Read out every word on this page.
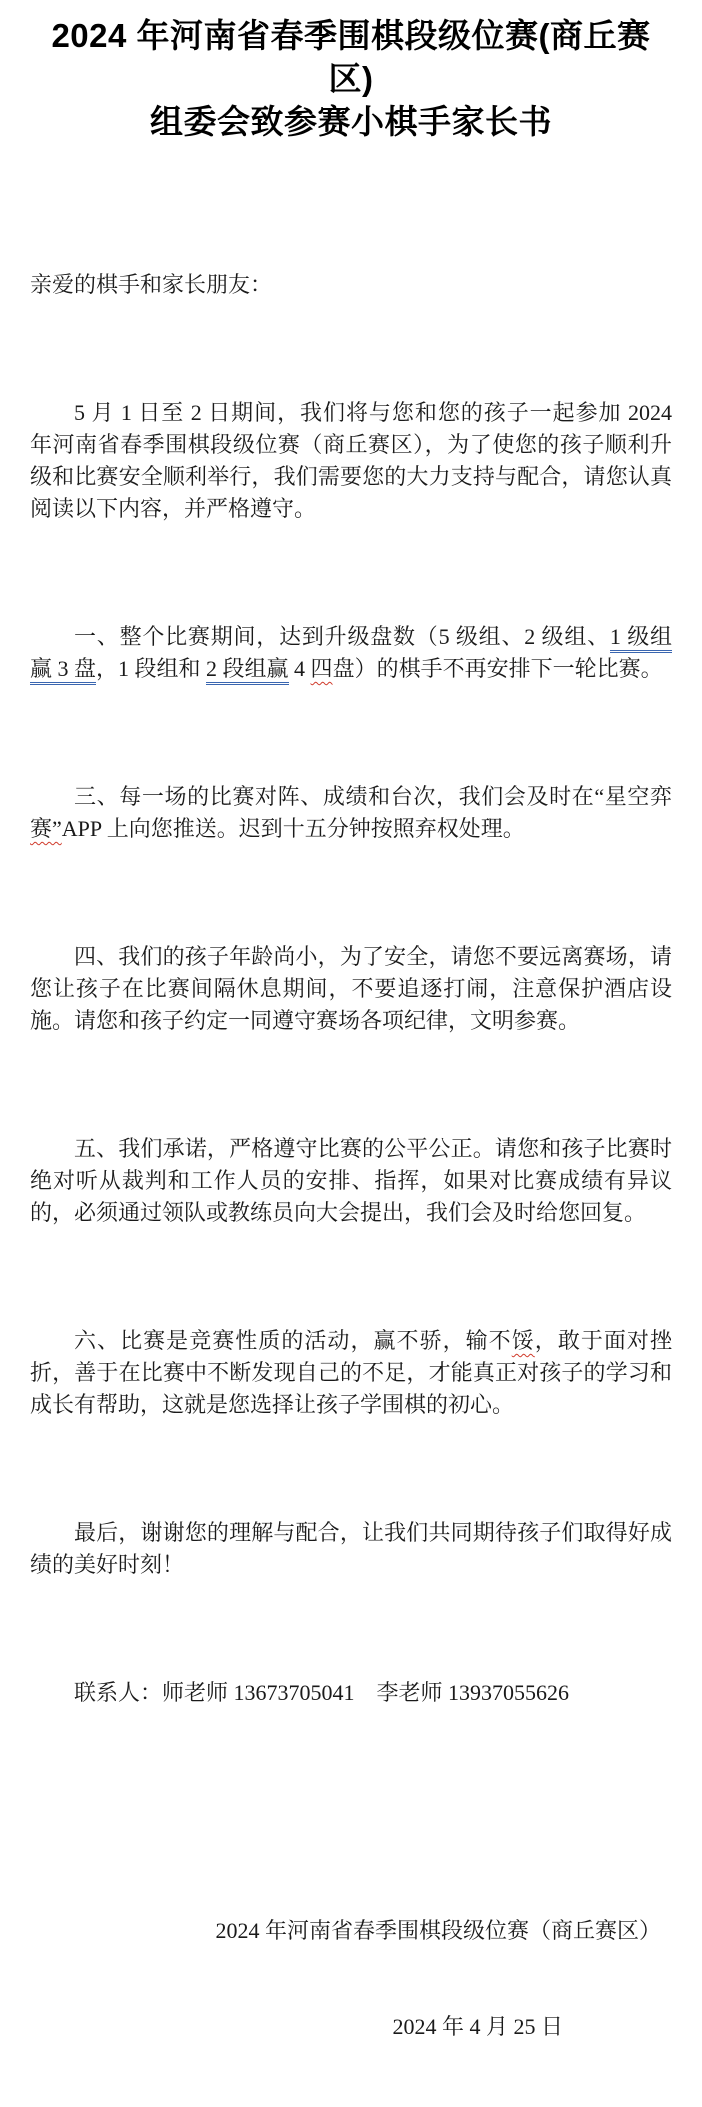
2024 年河南省春季围棋段级位赛(商丘赛区)
组委会致参赛小棋手家长书

亲爱的棋手和家长朋友：

5 月 1 日至 2 日期间，我们将与您和您的孩子一起参加 2024 年河南省春季围棋段级位赛（商丘赛区），为了使您的孩子顺利升级和比赛安全顺利举行，我们需要您的大力支持与配合，请您认真阅读以下内容，并严格遵守。

一、整个比赛期间，达到升级盘数（5 级组、2 级组、1 级组赢 3 盘，1 段组和 2 段组赢 4 四盘）的棋手不再安排下一轮比赛。

三、每一场的比赛对阵、成绩和台次，我们会及时在“星空弈赛”APP 上向您推送。迟到十五分钟按照弃权处理。

四、我们的孩子年龄尚小，为了安全，请您不要远离赛场，请您让孩子在比赛间隔休息期间，不要追逐打闹，注意保护酒店设施。请您和孩子约定一同遵守赛场各项纪律，文明参赛。

五、我们承诺，严格遵守比赛的公平公正。请您和孩子比赛时绝对听从裁判和工作人员的安排、指挥，如果对比赛成绩有异议的，必须通过领队或教练员向大会提出，我们会及时给您回复。

六、比赛是竞赛性质的活动，赢不骄，输不馁，敢于面对挫折，善于在比赛中不断发现自己的不足，才能真正对孩子的学习和成长有帮助，这就是您选择让孩子学围棋的初心。

最后，谢谢您的理解与配合，让我们共同期待孩子们取得好成绩的美好时刻！

联系人：师老师 13673705041　李老师 13937055626

2024 年河南省春季围棋段级位赛（商丘赛区）

2024 年 4 月 25 日
